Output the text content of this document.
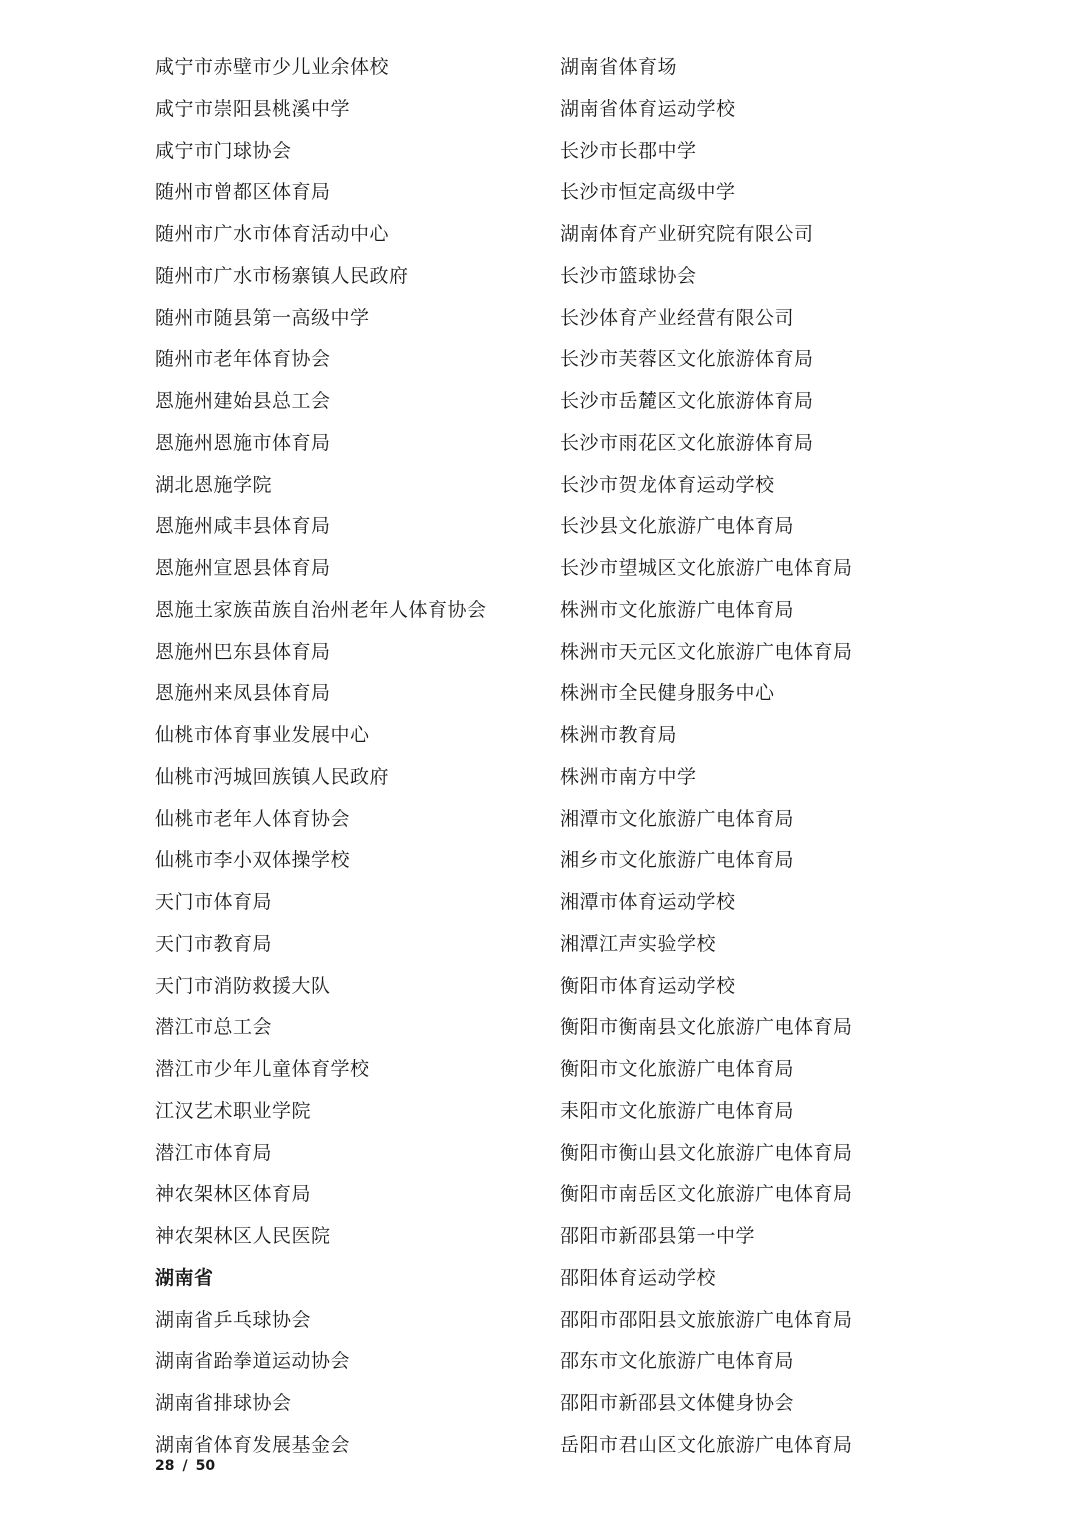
咸宁市赤壁市少儿业余体校
咸宁市崇阳县桃溪中学
咸宁市门球协会
随州市曾都区体育局
随州市广水市体育活动中心
随州市广水市杨寨镇人民政府
随州市随县第一高级中学
随州市老年体育协会
恩施州建始县总工会
恩施州恩施市体育局
湖北恩施学院
恩施州咸丰县体育局
恩施州宣恩县体育局
恩施土家族苗族自治州老年人体育协会
恩施州巴东县体育局
恩施州来凤县体育局
仙桃市体育事业发展中心
仙桃市沔城回族镇人民政府
仙桃市老年人体育协会
仙桃市李小双体操学校
天门市体育局
天门市教育局
天门市消防救援大队
潜江市总工会
潜江市少年儿童体育学校
江汉艺术职业学院
潜江市体育局
神农架林区体育局
神农架林区人民医院
湖南省
湖南省乒乓球协会
湖南省跆拳道运动协会
湖南省排球协会
湖南省体育发展基金会
湖南省体育场
湖南省体育运动学校
长沙市长郡中学
长沙市恒定高级中学
湖南体育产业研究院有限公司
长沙市篮球协会
长沙体育产业经营有限公司
长沙市芙蓉区文化旅游体育局
长沙市岳麓区文化旅游体育局
长沙市雨花区文化旅游体育局
长沙市贺龙体育运动学校
长沙县文化旅游广电体育局
长沙市望城区文化旅游广电体育局
株洲市文化旅游广电体育局
株洲市天元区文化旅游广电体育局
株洲市全民健身服务中心
株洲市教育局
株洲市南方中学
湘潭市文化旅游广电体育局
湘乡市文化旅游广电体育局
湘潭市体育运动学校
湘潭江声实验学校
衡阳市体育运动学校
衡阳市衡南县文化旅游广电体育局
衡阳市文化旅游广电体育局
耒阳市文化旅游广电体育局
衡阳市衡山县文化旅游广电体育局
衡阳市南岳区文化旅游广电体育局
邵阳市新邵县第一中学
邵阳体育运动学校
邵阳市邵阳县文旅旅游广电体育局
邵东市文化旅游广电体育局
邵阳市新邵县文体健身协会
岳阳市君山区文化旅游广电体育局
28 / 50
